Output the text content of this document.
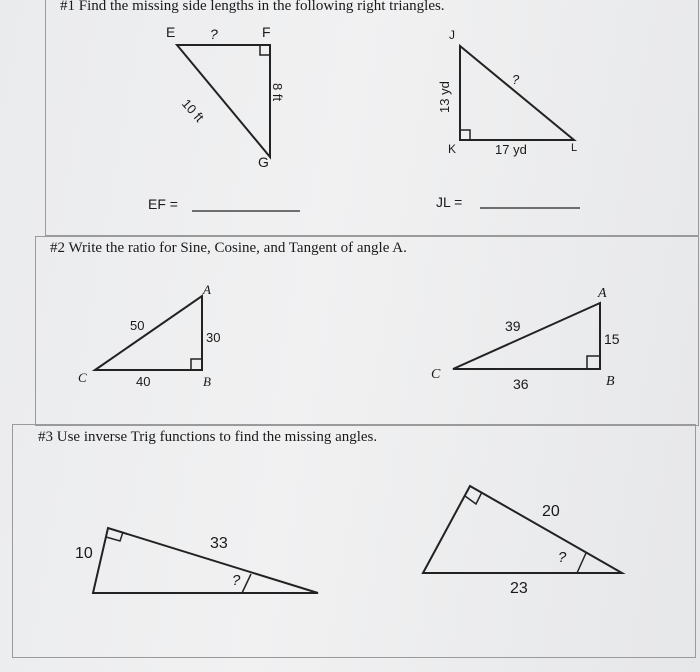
#1 Find the missing side lengths in the following right triangles.
E ?	F
10 ft
8 ft
G
J
?
13 yd
K	17 yd	L
EF =	JL =
#2 Write the ratio for Sine, Cosine, and Tangent of angle A.
A
50
30
C	40	B
A
39
15
C
36	B
#3 Use inverse Trig functions to find the missing angles.
10
33
?
20
?
23
